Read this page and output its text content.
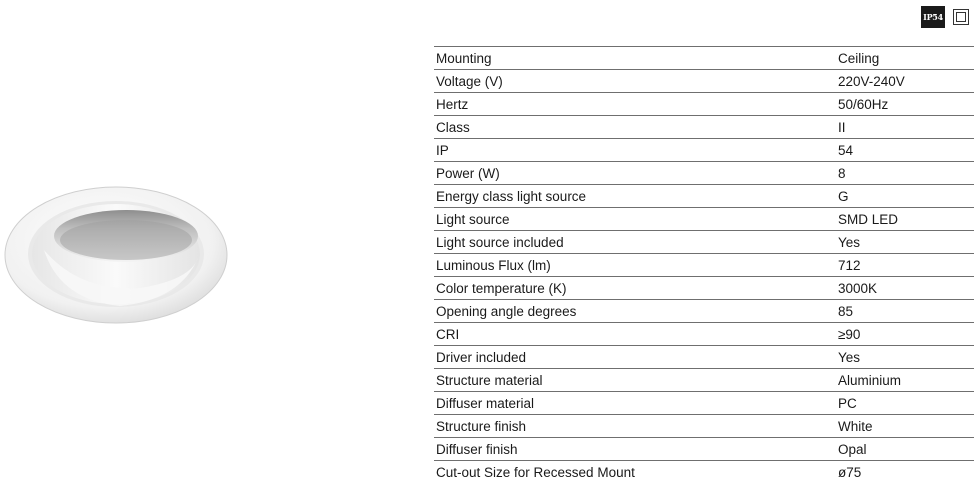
IP54
Mounting	Ceiling
Voltage (V)	220V-240V
Hertz	50/60Hz
Class	II
IP	54
Power (W)	8
Energy class light source	G
Light source	SMD LED
Light source included	Yes
Luminous Flux (lm)	712
Color temperature (K)	3000K
Opening angle degrees	85
CRI	≥90
Driver included	Yes
Structure material	Aluminium
Diffuser material	PC
Structure finish	White
Diffuser finish	Opal
Cut-out Size for Recessed Mount	ø75
